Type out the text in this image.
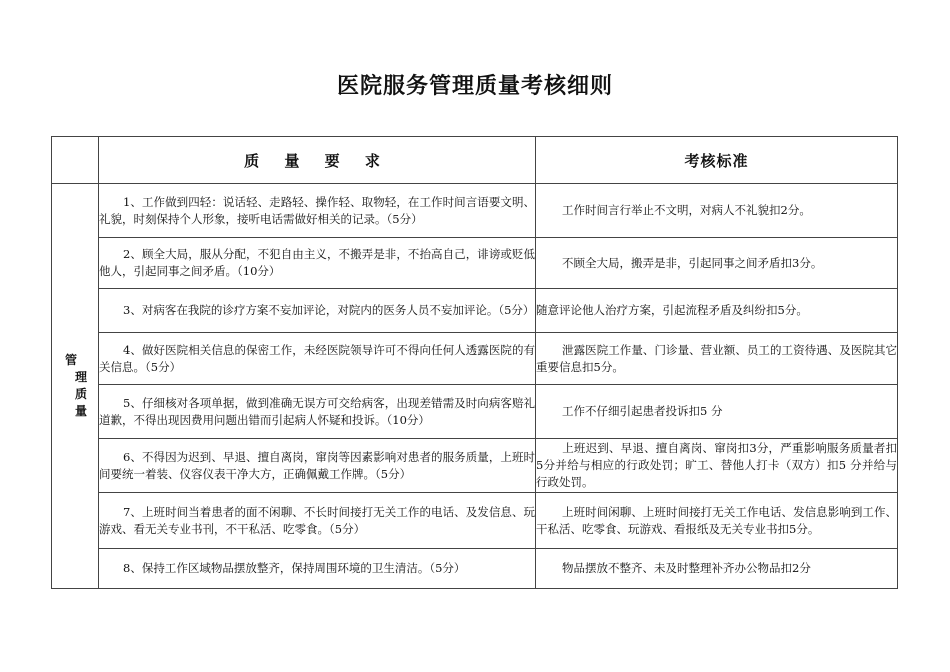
医院服务管理质量考核细则
	质 量 要 求	考核标准

管
理
质
量	1、工作做到四轻：说话轻、走路轻、操作轻、取物轻，在工作时间言语要文明、礼貌，时刻保持个人形象，接听电话需做好相关的记录。（5分）	工作时间言行举止不文明，对病人不礼貌扣2分。
	2、顾全大局，服从分配，不犯自由主义，不搬弄是非，不抬高自己，诽谤或贬低他人，引起同事之间矛盾。（10分）	不顾全大局，搬弄是非，引起同事之间矛盾扣3分。
	3、对病客在我院的诊疗方案不妄加评论，对院内的医务人员不妄加评论。（5分）	随意评论他人治疗方案，引起流程矛盾及纠纷扣5分。
	4、做好医院相关信息的保密工作，未经医院领导许可不得向任何人透露医院的有关信息。（5分）	泄露医院工作量、门诊量、营业额、员工的工资待遇、及医院其它重要信息扣5分。
	5、仔细核对各项单据，做到准确无误方可交给病客，出现差错需及时向病客赔礼道歉，不得出现因费用问题出错而引起病人怀疑和投诉。（10分）	工作不仔细引起患者投诉扣5 分
	6、不得因为迟到、早退、擅自离岗，窜岗等因素影响对患者的服务质量，上班时间要统一着装、仪容仪表干净大方，正确佩戴工作牌。（5分）	上班迟到、早退、擅自离岗、窜岗扣3分，严重影响服务质量者扣5分并给与相应的行政处罚；旷工、替他人打卡（双方）扣5 分并给与行政处罚。
	7、上班时间当着患者的面不闲聊、不长时间接打无关工作的电话、及发信息、玩游戏、看无关专业书刊，不干私活、吃零食。（5分）	上班时间闲聊、上班时间接打无关工作电话、发信息影响到工作、干私活、吃零食、玩游戏、看报纸及无关专业书扣5分。
	8、保持工作区域物品摆放整齐，保持周围环境的卫生清洁。（5分）	物品摆放不整齐、未及时整理补齐办公物品扣2分
